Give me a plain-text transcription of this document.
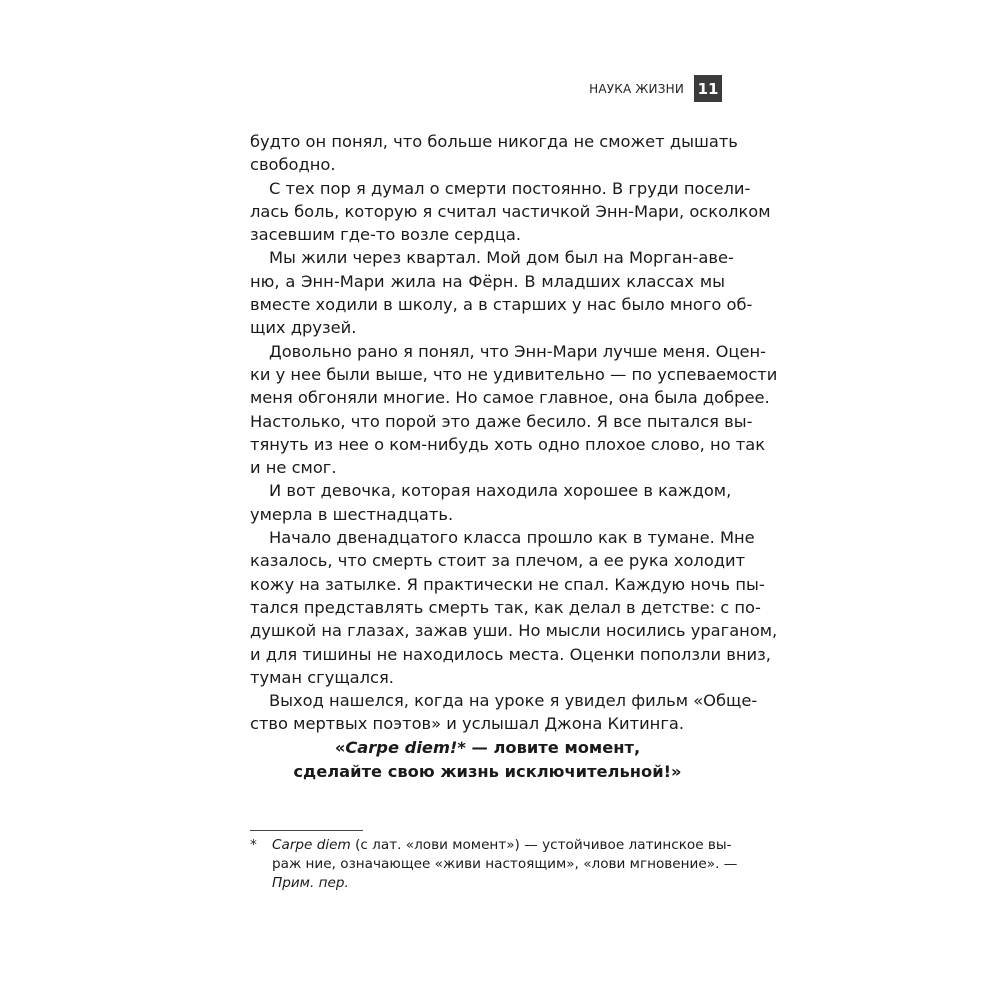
НАУКА ЖИЗНИ 11
будто он понял, что больше никогда не сможет дышать
свободно.
С тех пор я думал о смерти постоянно. В груди посели-
лась боль, которую я считал частичкой Энн-Мари, осколком
засевшим где-то возле сердца.
Мы жили через квартал. Мой дом был на Морган-аве-
ню, а Энн-Мари жила на Фёрн. В младших классах мы
вместе ходили в школу, а в старших у нас было много об-
щих друзей.
Довольно рано я понял, что Энн-Мари лучше меня. Оцен-
ки у нее были выше, что не удивительно — по успеваемости
меня обгоняли многие. Но самое главное, она была добрее.
Настолько, что порой это даже бесило. Я все пытался вы-
тянуть из нее о ком-нибудь хоть одно плохое слово, но так
и не смог.
И вот девочка, которая находила хорошее в каждом,
умерла в шестнадцать.
Начало двенадцатого класса прошло как в тумане. Мне
казалось, что смерть стоит за плечом, а ее рука холодит
кожу на затылке. Я практически не спал. Каждую ночь пы-
тался представлять смерть так, как делал в детстве: с по-
душкой на глазах, зажав уши. Но мысли носились ураганом,
и для тишины не находилось места. Оценки поползли вниз,
туман сгущался.
Выход нашелся, когда на уроке я увидел фильм «Обще-
ство мертвых поэтов» и услышал Джона Китинга.
«Carpe diem!* — ловите момент,
сделайте свою жизнь исключительной!»
* Carpe diem (с лат. «лови момент») — устойчивое латинское вы-
раж ние, означающее «живи настоящим», «лови мгновение». —
Прим. пер.
